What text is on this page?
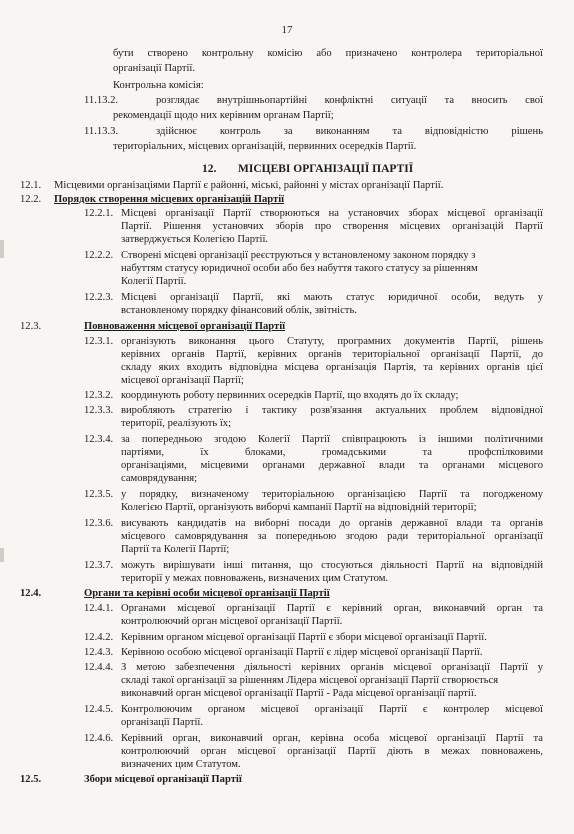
17
бути створено контрольну комісію або призначено контролера територіальної
організації Партії.
Контрольна комісія:
11.13.2.	розглядає внутрішньопартійні конфліктні ситуації та вносить свої
рекомендації щодо них керівним органам Партії;
11.13.3.	здійснює контроль за виконанням та відповідністю рішень
територіальних, місцевих організацій, первинних осередків Партії.
12. МІСЦЕВІ ОРГАНІЗАЦІЇ ПАРТІЇ
12.1. Місцевими організаціями Партії є районні, міські, районні у містах організації Партії.
12.2. Порядок створення місцевих організацій Партії
12.2.1. Місцеві організації Партії створюються на установчих зборах місцевої організації
Партії. Рішення установчих зборів про створення місцевих організацій Партії
затверджується Колегією Партії.
12.2.2. Створені місцеві організації реєструються у встановленому законом порядку з
набуттям статусу юридичної особи або без набуття такого статусу за рішенням
Колегії Партії.
12.2.3. Місцеві організації Партії, які мають статус юридичної особи, ведуть у
встановленому порядку фінансовий облік, звітність.
12.3.	Повноваження місцевої організації Партії
12.3.1. організують виконання цього Статуту, програмних документів Партії, рішень
керівних органів Партії, керівних органів територіальної організації Партії, до
складу яких входить відповідна місцева організація Партія, та керівних органів цієї
місцевої організації Партії;
12.3.2. координують роботу первинних осередків Партії, що входять до їх складу;
12.3.3. виробляють стратегію і тактику розв'язання актуальних проблем відповідної
території, реалізують їх;
12.3.4. за попередньою згодою Колегії Партії співпрацюють із іншими політичними
партіями, їх блоками, громадськими та профспілковими
організаціями, місцевими органами державної влади та органами місцевого
самоврядування;
12.3.5. у порядку, визначеному територіальною організацією Партії та погодженому
Колегією Партії, організують виборчі кампанії Партії на відповідній території;
12.3.6. висувають кандидатів на виборні посади до органів державної влади та органів
місцевого самоврядування за попередньою згодою ради територіальної організації
Партії та Колегії Партії;
12.3.7. можуть вирішувати інші питання, що стосуються діяльності Партії на відповідній
території у межах повноважень, визначених цим Статутом.
12.4.	Органи та керівні особи місцевої організації Партії
12.4.1. Органами місцевої організації Партії є керівний орган, виконавчий орган та
контролюючий орган місцевої організації Партії.
12.4.2. Керівним органом місцевої організації Партії є збори місцевої організації Партії.
12.4.3. Керівною особою місцевої організації Партії є лідер місцевої організації Партії.
12.4.4. З метою забезпечення діяльності керівних органів місцевої організації Партії у
складі такої організації за рішенням Лідера місцевої організації Партії створюється
виконавчий орган місцевої організації Партії - Рада місцевої організації партії.
12.4.5. Контролюючим органом місцевої організації Партії є контролер місцевої
організації Партії.
12.4.6. Керівний орган, виконавчий орган, керівна особа місцевої організації Партії та
контролюючий орган місцевої організації Партії діють в межах повноважень,
визначених цим Статутом.
12.5.	Збори місцевої організації Партії
